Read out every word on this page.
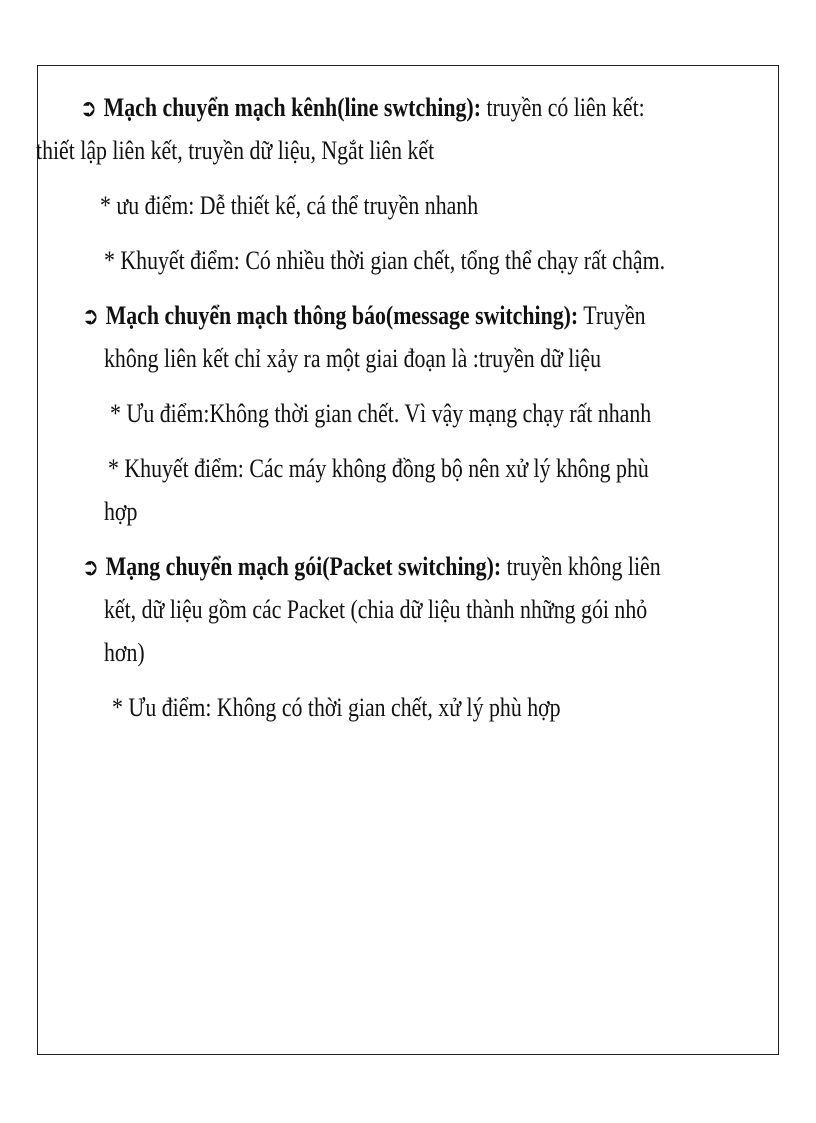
➲ Mạch chuyển mạch kênh(line swtching): truyền có liên kết:

thiết lập liên kết, truyền dữ liệu, Ngắt liên kết

* ưu điểm: Dễ thiết kế, cá thể truyền nhanh

* Khuyết điểm: Có nhiều thời gian chết, tổng thể chạy rất chậm.

➲ Mạch chuyển mạch thông báo(message switching): Truyền

không liên kết chỉ xảy ra một giai đoạn là :truyền dữ liệu

* Ưu điểm:Không thời gian chết. Vì vậy mạng chạy rất nhanh

* Khuyết điểm: Các máy không đồng bộ nên xử lý không phù

hợp

➲ Mạng chuyển mạch gói(Packet switching): truyền không liên

kết, dữ liệu gồm các Packet (chia dữ liệu thành những gói nhỏ

hơn)

* Ưu điểm: Không có thời gian chết, xử lý phù hợp
